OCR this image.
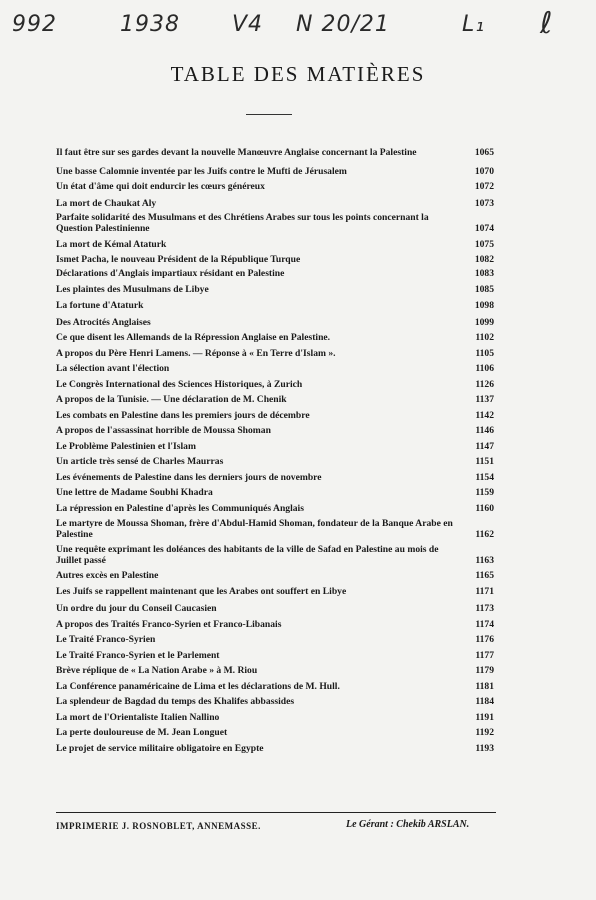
992	1938 V4 N 20/21	L₁ ℓ
TABLE DES MATIÈRES
Il faut être sur ses gardes devant la nouvelle Manœuvre Anglaise concernant la Palestine	1065
Une basse Calomnie inventée par les Juifs contre le Mufti de Jérusalem	1070
Un état d'âme qui doit endurcir les cœurs généreux	1072
La mort de Chaukat Aly	1073
Parfaite solidarité des Musulmans et des Chrétiens Arabes sur tous les points concernant la Question Palestinienne	1074
La mort de Kémal Ataturk	1075
Ismet Pacha, le nouveau Président de la République Turque	1082
Déclarations d'Anglais impartiaux résidant en Palestine	1083
Les plaintes des Musulmans de Libye	1085
La fortune d'Ataturk	1098
Des Atrocités Anglaises	1099
Ce que disent les Allemands de la Répression Anglaise en Palestine.	1102
A propos du Père Henri Lamens. — Réponse à « En Terre d'Islam ».	1105
La sélection avant l'élection	1106
Le Congrès International des Sciences Historiques, à Zurich	1126
A propos de la Tunisie. — Une déclaration de M. Chenik	1137
Les combats en Palestine dans les premiers jours de décembre	1142
A propos de l'assassinat horrible de Moussa Shoman	1146
Le Problème Palestinien et l'Islam	1147
Un article très sensé de Charles Maurras	1151
Les événements de Palestine dans les derniers jours de novembre	1154
Une lettre de Madame Soubhi Khadra	1159
La répression en Palestine d'après les Communiqués Anglais	1160
Le martyre de Moussa Shoman, frère d'Abdul-Hamid Shoman, fondateur de la Banque Arabe en Palestine	1162
Une requête exprimant les doléances des habitants de la ville de Safad en Palestine au mois de Juillet passé	1163
Autres excès en Palestine	1165
Les Juifs se rappellent maintenant que les Arabes ont souffert en Libye	1171
Un ordre du jour du Conseil Caucasien	1173
A propos des Traités Franco-Syrien et Franco-Libanais	1174
Le Traité Franco-Syrien	1176
Le Traité Franco-Syrien et le Parlement	1177
Brève réplique de « La Nation Arabe » à M. Riou	1179
La Conférence panaméricaine de Lima et les déclarations de M. Hull.	1181
La splendeur de Bagdad du temps des Khalifes abbassides	1184
La mort de l'Orientaliste Italien Nallino	1191
La perte douloureuse de M. Jean Longuet	1192
Le projet de service militaire obligatoire en Egypte	1193
IMPRIMERIE J. ROSNOBLET, ANNEMASSE.	Le Gérant : Chekib ARSLAN.
